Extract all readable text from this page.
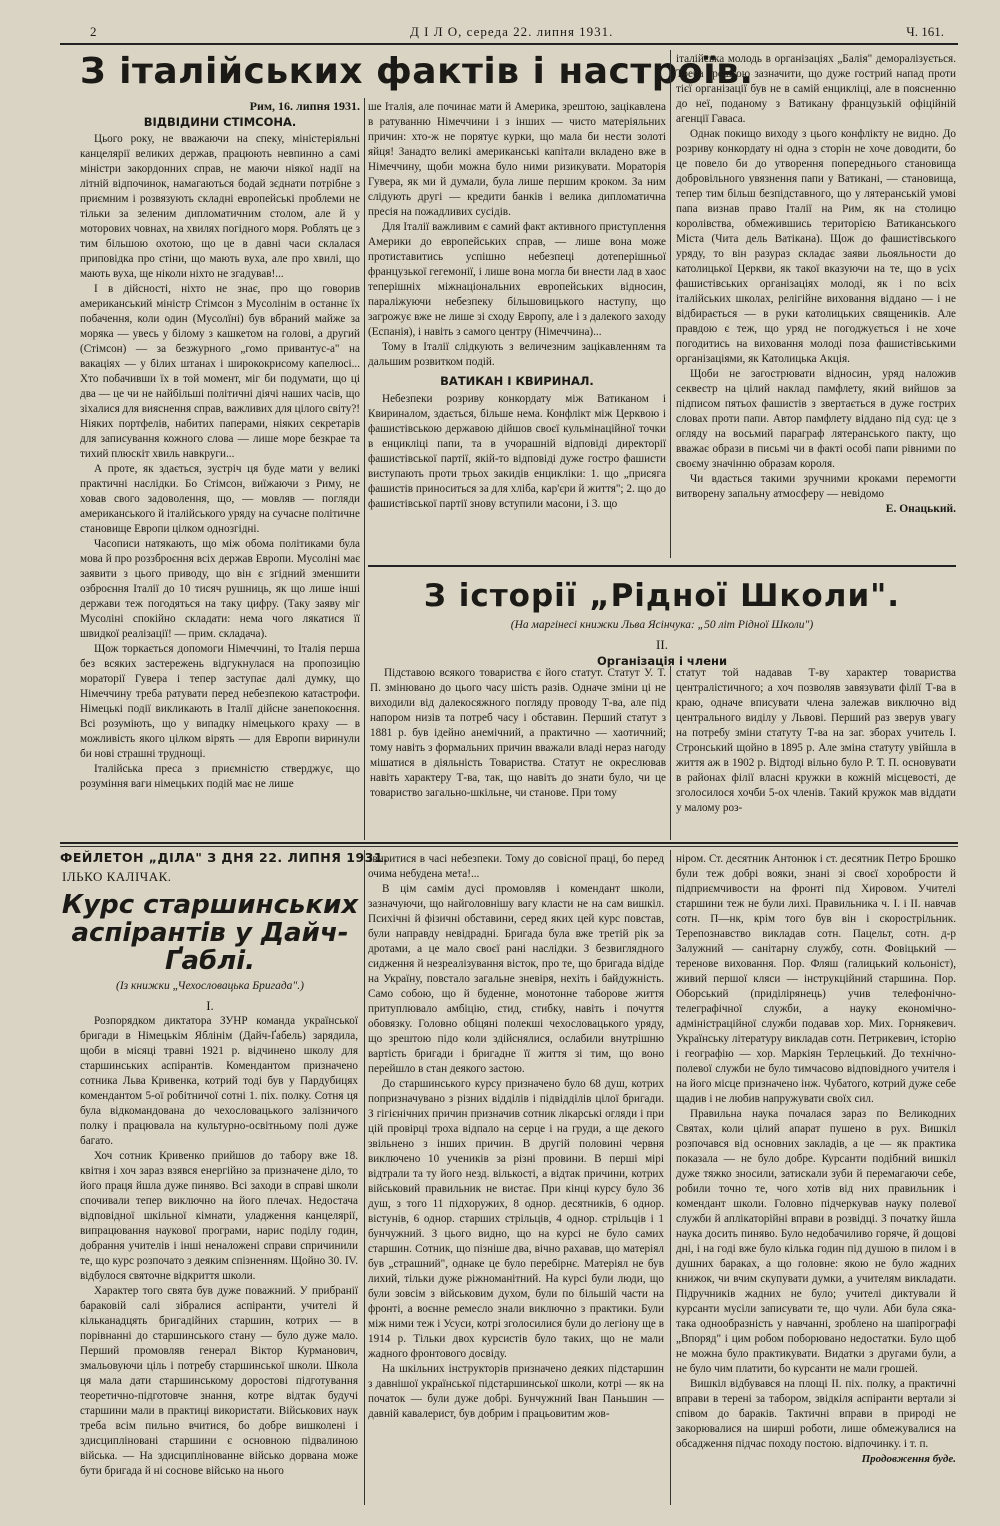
2	Д І Л О, середа 22. липня 1931.	Ч. 161.
З італійських фактів і настроїв.
Рим, 16. липня 1931.
ВІДВІДИНИ СТІМСОНА.

Цього року, не вважаючи на спеку, міністеріяльні канцелярії великих держав, працюють невпинно а самі міністри закордонних справ, не маючи ніякої надії на літній відпочинок, намагаються бодай зєднати потрібне з приємним і розвязують складні европейські проблеми не тільки за зеленим дипломатичним столом, але й у моторових човнах, на хвилях погідного моря. Роблять це з тим більшою охотою, що це в давні часи склалася приповідка про стіни, що мають вуха, але про хвилі, що мають вуха, ще ніколи ніхто не згадував!...

І в дійсності, ніхто не знає, про що говорив американський міністр Стімсон з Мусолінім в останнє їх побачення, коли один (Мусолїні) був вбраний майже за моряка — увесь у білому з кашкетом на голові, а другий (Стімсон) — за безжурного „гомо привантус-а" на вакаціях — у білих штанах і ширококрисому капелюсі... Хто побачивши їх в той момент, міг би подумати, що ці два — це чи не найбільші політичні діячі наших часів, що зіхалися для вияснення справ, важливих для цілого світу?! Ніяких портфелів, набитих паперами, ніяких секретарів для записування кожного слова — лише море безкрае та тихий плюскіт хвиль навкруги...

А проте, як здається, зустріч ця буде мати у великі практичні наслідки. Бо Стімсон, виїжаючи з Риму, не ховав свого задоволення, що, — мовляв — погляди американського й італійського уряду на сучасне політичне становище Европи цілком однозгідні.

Часописи натякають, що між обома політиками була мова й про роззброєння всіх держав Европи. Мусоліні має заявити з цього приводу, що він є згідний зменшити озброєння Італії до 10 тисяч рушниць, як що лише інші держави теж погодяться на таку цифру. (Таку заяву міг Мусоліні спокійно складати: нема чого лякатися її швидкої реалізації! — прим. складача).

Щож торкається допомоги Німеччині, то Італія перша без всяких застережень відгукнулася на пропозицію мораторії Гувера і тепер заступає далі думку, що Німеччину треба ратувати перед небезпекою катастрофи. Німецькі події викликають в Італії дійсне занепокоєння. Всі розуміють, що у випадку німецького краху — в можливість якого цілком вірять — для Европи виринули би нові страшні труднощі.

Італійська преса з приємністю стверджує, що розуміння ваги німецьких подій має не лише

ше Італія, але починає мати й Америка, зрештою, зацікавлена в ратуванню Німеччини і з інших — чисто матеріяльних причин: хто-ж не порятує курки, що мала би нести золоті яйця! Занадто великі американські капітали вкладено вже в Німеччину, щоби можна було ними ризикувати. Мораторія Гувера, як ми й думали, була лише першим кроком. За ним слідують другі — кредити банків і велика дипломатична пресія на пожадливих сусідів.

Для Італії важливим є самий факт активного приступлення Америки до европейських справ, — лише вона може протиставитись успішно небезпеці дотеперішньої французької гегемонії, і лише вона могла би внести лад в хаос теперішніх міжнаціональних европейських відносин, параліжуючи небезпеку більшовицького наступу, що загрожує вже не лише зі сходу Европу, але і з далекого заходу (Еспанія), і навіть з самого центру (Німеччина)...

Тому в Італії слідкують з величезним зацікавленням та дальшим розвитком подій.

ВАТИКАН І КВИРИНАЛ.

Небезпеки розриву конкордату між Ватиканом і Квириналом, здається, більше нема. Конфлікт між Церквою і фашистівською державою дійшов своєї кульмінаційної точки в енцикліці папи, та в учорашній відповіді директорії фашистівської партії, якій-то відповіді дуже гостро фашисти виступають проти трьох закидів енцикліки: 1. що „присяга фашистів приноситься за для хліба, кар'єри й життя"; 2. що до фашистівської партії знову вступили масони, і 3. що

італійська молодь в організаціях „Балія" деморалізується. Треба зрештою зазначити, що дуже гострий напад проти тієї організації був не в самій енцикліці, але в поясненню до неї, поданому з Ватикану французькій офіційній агенції Гаваса.

Однак покищо виходу з цього конфлікту не видно. До розриву конкордату ні одна з сторін не хоче доводити, бо це повело би до утворення попереднього становища добровільного увязнення папи у Ватикані, — становища, тепер тим більш безпідставного, що у лятеранській умові папа визнав право Італії на Рим, як на столицю королівства, обмежившись територією Ватиканського Міста (Чита дель Ватікана). Щож до фашистівського уряду, то він разураз складає заяви льояльности до католицької Церкви, як такої вказуючи на те, що в усіх фашистівських організаціях молоді, як і по всіх італійських школах, релігійне виховання віддано — і не відбирається — в руки католицьких священиків. Але правдою є теж, що уряд не погоджується і не хоче погодитись на виховання молоді поза фашистівськими організаціями, як Католицька Акція.

Щоби не загострювати відносин, уряд наложив секвестр на цілий наклад памфлету, який вийшов за підписом пятьох фашистів з звертається в дуже гострих словах проти папи. Автор памфлету віддано під суд: це з огляду на восьмий параграф лятеранського пакту, що вважає образи в письмі чи в факті особі папи рівними по своєму значінню образам короля.

Чи вдасться такими зручними кроками перемогти витворену запальну атмосферу — невідомо

Е. Онацький.
З історії „Рідної Школи".
(На маргінесі книжки Льва Ясінчука: „50 літ Рідної Школи")
II.
Організація і члени

Підставою всякого товариства є його статут. Статут У. Т. П. змінювано до цього часу шість разів. Одначе зміни ці не виходили від далекосяжного погляду проводу Т-ва, але під напором низів та потреб часу і обставин. Перший статут з 1881 р. був ідейно анемічний, а практично — хаотичний; тому навіть з формальних причин вважали владі нераз нагоду мішатися в діяльність Товариства. Статут не окреслював навіть характеру Т-ва, так, що навіть до знати було, чи це товариство загально-шкільне, чи станове. При тому

статут той надавав Т-ву характер товариства централістичного; а хоч позволяв завязувати філії Т-ва в краю, одначе вписувати члена залежав виключно від центрального виділу у Львові. Перший раз зверув увагу на потребу зміни статуту Т-ва на заг. зборах учитель І. Стронський щойно в 1895 р. Але зміна статуту увійшла в життя аж в 1902 р. Відтоді вільно було Р. Т. П. основувати в районах філії власні кружки в кожній місцевості, де зголосилося хочби 5-ох членів. Такий кружок мав віддати у малому роз-

ФЕЙЛЕТОН „ДІЛА" З ДНЯ 22. ЛИПНЯ 1931.
ІЛЬКО КАЛІЧАК.
Курс старшинських аспірантів у Дайч-Ґаблі.
(Із книжки „Чехословацька Бригада".)
І.

Розпорядком диктатора ЗУНР команда української бригади в Німецькім Яблінім (Дайч-Ґабель) зарядила, щоби в місяці травні 1921 р. відчинено школу для старшинських аспірантів. Комендантом призначено сотника Льва Кривенка, котрий тоді був у Пардубицях комендантом 5-ої робітничої сотні 1. піх. полку. Сотня ця була відкомандована до чехословацького залізничого полку і працювала на культурно-освітньому полі дуже багато.

Хоч сотник Кривенко прийшов до табору вже 18. квітня і хоч зараз взявся енергійно за призначене діло, то його праця йшла дуже пиняво. Всі заходи в справі школи спочивали тепер виключно на його плечах. Недостача відповідної шкільної кімнати, уладження канцелярії, випрацювання наукової програми, нарис поділу годин, добрання учителів і інші неналожені справи спричинили те, що курс розпочато з деяким спізненням. Щойно 30. IV. відбулося святочне відкриття школи.

Характер того свята був дуже поважний. У прибранії бараковій салі зібралися аспіранти, учителі й кільканадцять бригадійних старшин, котрих — в порівнанні до старшинського стану — було дуже мало. Перший промовляв генерал Віктор Курманович, змальовуючи ціль і потребу старшинської школи. Школа ця мала дати старшинському доростові підготування теоретично-підготовче знання, котре відтак будучі старшини мали в практиці використати. Військових наук треба всім пильно вчитися, бо добре вишколені і здисципліновані старшини є основною підвалиною війська. — На здисциплінованне військо дорвана може бути бригада й ні соснове військо на нього

звиритися в часі небезпеки. Тому до совісної праці, бо перед очима небудена мета!...

В цім самім дусі промовляв і комендант школи, зазначуючи, що найголовнішу вагу класти не на сам вишкіл. Психічні й фізичні обставини, серед яких цей курс повстав, були направду невідрадні. Бригада була вже третій рік за дротами, а це мало своєї рані наслідки. З безвиглядного сидження й незреалізування вісток, про те, що бригада відіде на Україну, повстало загальне зневіря, нехіть і байдужність. Само собою, що й буденне, монотонне таборове життя притуплювало амбіцію, стид, стибку, навіть і почуття обовязку. Головно обіцяні полекші чехословацького уряду, що зрештою підо коли здійснялися, ослабили внутрішню вартість бригади і бригадне її життя зі тим, що воно перейшло в стан деякого застою.

До старшинського курсу призначено було 68 душ, котрих попризначувано з різних відділів і підвідділів цілої бригади. З гігієнічних причин призначив сотник лікарські огляди і при цій провірці троха відпало на серце і на груди, а ще декого звільнено з інших причин. В другій половині червня виключено 10 учеників за різні провини. В перші мірі відтрали та ту його незд. вількості, а відтак причини, котрих військовий правильник не вистає. При кінці курсу було 36 душ, з того 11 підхоружих, 8 однор. десятників, 6 однор. вістунів, 6 однор. старших стрільців, 4 однор. стрільців і 1 бунчужний. З цього видно, що на курсі не було самих старшин. Сотник, що пізніше два, вічно рахавав, що матеріял був „страшний", однаке це було перебірнє. Матеріял не був лихий, тільки дуже ріжноманітний. На курсі були люди, що були зовсім з військовим духом, були по більшій части на фронті, а воєнне ремесло знали виключно з практики. Були між ними теж і Усуси, котрі зголосилися були до легіону ще в 1914 р. Тільки двох курсистів було таких, що не мали жадного фронтового досвіду.

На шкільних інструкторів призначено деяких підстаршин з давнішої української підстаршинської школи, котрі — як на початок — були дуже добрі. Бунчужний Іван Паньшин — давній кавалерист, був добрим і працьовитим жов-

ніром. Ст. десятник Антонюк і ст. десятник Петро Брошко були теж добрі вояки, знані зі своєї хоробрости й підприємчивости на фронті під Хировом. Учителі старшини теж не були лихі. Правильника ч. І. і II. навчав сотн. П—нк, крім того був він і скорострільник. Терепознавство викладав сотн. Пацельт, сотн. д-р Залужний — санітарну службу, сотн. Фовіцький — теренове виховання. Пор. Фляш (галицький кольоніст), живий першої кляси — інструкційний старшина. Пор. Оборський (приділірянець) учив телефонічно-телеграфічної служби, а науку економічно-адміністраційної служби подавав хор. Мих. Горнякевич. Українську літературу викладав сотн. Петрикевич, історію і географію — хор. Маркіян Терлецький. До технічно-полевої служби не було тимчасово відповідного учителя і на його місце призначено інж. Чубатого, котрий дуже себе щадив і не любив напружувати своїх сил.

Правильна наука почалася зараз по Великодних Святах, коли цілий апарат пушено в рух. Вишкіл розпочався від основних закладів, а це — як практика показала — не було добре. Курсанти подібний вишкіл дуже тяжко зносили, затискали зуби й перемагаючи себе, робили точно те, чого хотів від них правильник і комендант школи. Головно підчеркував науку полевої служби й аплікаторійні вправи в розвідці. З початку йшла наука досить пиняво. Було недобачиливо горяче, й дощові дні, і на годі вже було кілька годин під душою в пилом і в душних бараках, а що головне: якою не було жадних книжок, чи вчим скупувати думки, а учителям викладати. Підручників жадних не було; учителі диктували й курсанти мусіли записувати те, що чули. Аби була сяка-така однообразність у навчанні, зроблено на шапірографі „Впоряд" і цим робом поборювано недостатки. Було щоб не можна було практикувати. Видатки з другами були, а не було чим платити, бо курсанти не мали грошей.

Вишкіл відбувався на площі II. піх. полку, а практичні вправи в терені за табором, звідкіля аспіранти вертали зі співом до бараків. Тактичні вправи в природі не закорювалися на ширші роботи, лише обмежувалися на обсадження підчас походу постою. відпочинку. і т. п.

Продовження буде.
